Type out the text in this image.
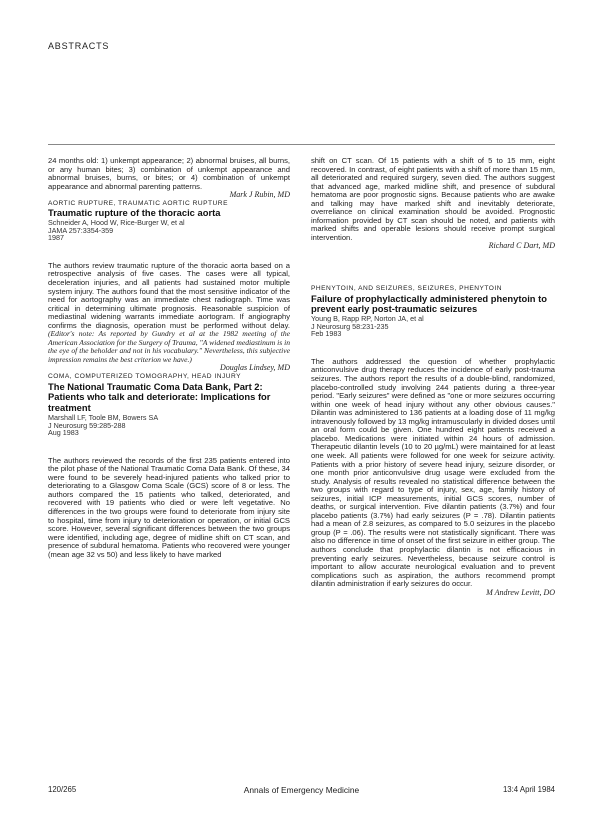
ABSTRACTS

24 months old: 1) unkempt appearance; 2) abnormal bruises, all burns, or any human bites; 3) combination of unkempt appearance and abnormal bruises, burns, or bites; or 4) combination of unkempt appearance and abnormal parenting patterns.

Mark J Rubin, MD

AORTIC RUPTURE, TRAUMATIC AORTIC RUPTURE

Traumatic rupture of the thoracic aorta

Schneider A, Hood W, Rice-Burger W, et al

JAMA 257:3354-359

1987

The authors review traumatic rupture of the thoracic aorta based on a retrospective analysis of five cases. The cases were all typical, deceleration injuries, and all patients had sustained motor multiple system injury. The authors found that the most sensitive indicator of the need for aortography was an immediate chest radiograph. Time was critical in determining ultimate prognosis. Reasonable suspicion of mediastinal widening warrants immediate aortogram. If angiography confirms the diagnosis, operation must be performed without delay. (Editor's note: As reported by Gundry et al at the 1982 meeting of the American Association for the Surgery of Trauma, "A widened mediastinum is in the eye of the beholder and not in his vocabulary." Nevertheless, this subjective impression remains the best criterion we have.)

Douglas Lindsey, MD

COMA, COMPUTERIZED TOMOGRAPHY, HEAD INJURY

The National Traumatic Coma Data Bank, Part 2: Patients who talk and deteriorate: Implications for treatment

Marshall LF, Toole BM, Bowers SA

J Neurosurg 59:285-288

Aug 1983

The authors reviewed the records of the first 235 patients entered into the pilot phase of the National Traumatic Coma Data Bank. Of these, 34 were found to be severely head-injured patients who talked prior to deteriorating to a Glasgow Coma Scale (GCS) score of 8 or less. The authors compared the 15 patients who talked, deteriorated, and recovered with 19 patients who died or were left vegetative. No differences in the two groups were found to deteriorate from injury site to hospital, time from injury to deterioration or operation, or initial GCS score. However, several significant differences between the two groups were identified, including age, degree of midline shift on CT scan, and presence of subdural hematoma. Patients who recovered were younger (mean age 32 vs 50) and less likely to have marked

shift on CT scan. Of 15 patients with a shift of 5 to 15 mm, eight recovered. In contrast, of eight patients with a shift of more than 15 mm, all deteriorated and required surgery, seven died. The authors suggest that advanced age, marked midline shift, and presence of subdural hematoma are poor prognostic signs. Because patients who are awake and talking may have marked shift and inevitably deteriorate, overreliance on clinical examination should be avoided. Prognostic information provided by CT scan should be noted, and patients with marked shifts and operable lesions should receive prompt surgical intervention.

Richard C Dart, MD

PHENYTOIN, AND SEIZURES, SEIZURES, PHENYTOIN

Failure of prophylactically administered phenytoin to prevent early post-traumatic seizures

Young B, Rapp RP, Norton JA, et al

J Neurosurg 58:231-235

Feb 1983

The authors addressed the question of whether prophylactic anticonvulsive drug therapy reduces the incidence of early post-trauma seizures. The authors report the results of a double-blind, randomized, placebo-controlled study involving 244 patients during a three-year period. "Early seizures" were defined as "one or more seizures occurring within one week of head injury without any other obvious causes." Dilantin was administered to 136 patients at a loading dose of 11 mg/kg intravenously followed by 13 mg/kg intramuscularly in divided doses until an oral form could be given. One hundred eight patients received a placebo. Medications were initiated within 24 hours of admission. Therapeutic dilantin levels (10 to 20 µg/mL) were maintained for at least one week. All patients were followed for one week for seizure activity. Patients with a prior history of severe head injury, seizure disorder, or one month prior anticonvulsive drug usage were excluded from the study. Analysis of results revealed no statistical difference between the two groups with regard to type of injury, sex, age, family history of seizures, initial ICP measurements, initial GCS scores, number of deaths, or surgical intervention. Five dilantin patients (3.7%) and four placebo patients (3.7%) had early seizures (P = .78). Dilantin patients had a mean of 2.8 seizures, as compared to 5.0 seizures in the placebo group (P = .06). The results were not statistically significant. There was also no difference in time of onset of the first seizure in either group. The authors conclude that prophylactic dilantin is not efficacious in preventing early seizures. Nevertheless, because seizure control is important to allow accurate neurological evaluation and to prevent complications such as aspiration, the authors recommend prompt dilantin administration if early seizures do occur.

M Andrew Levitt, DO

120/265	Annals of Emergency Medicine	13:4 April 1984
